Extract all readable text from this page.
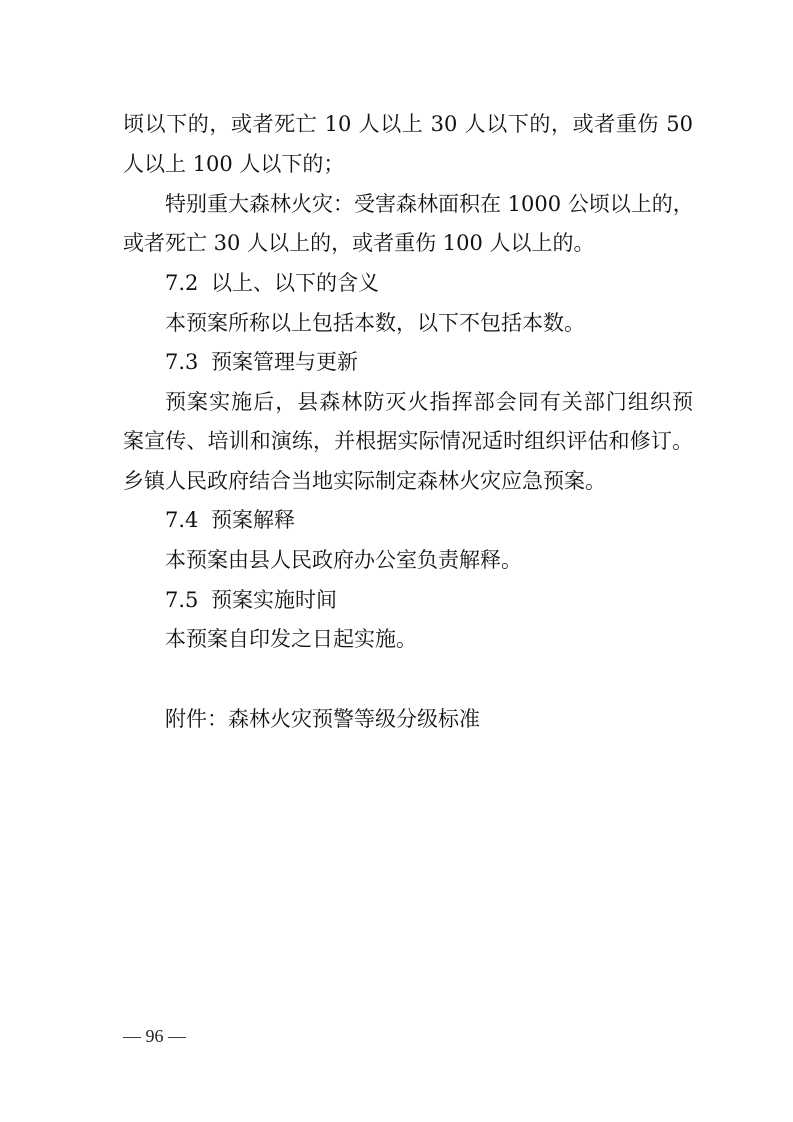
顷以下的，或者死亡 10 人以上 30 人以下的，或者重伤 50
人以上 100 人以下的；
特别重大森林火灾：受害森林面积在 1000 公顷以上的，
或者死亡 30 人以上的，或者重伤 100 人以上的。
7.2 以上、以下的含义
本预案所称以上包括本数，以下不包括本数。
7.3 预案管理与更新
预案实施后，县森林防灭火指挥部会同有关部门组织预
案宣传、培训和演练，并根据实际情况适时组织评估和修订。
乡镇人民政府结合当地实际制定森林火灾应急预案。
7.4 预案解释
本预案由县人民政府办公室负责解释。
7.5 预案实施时间
本预案自印发之日起实施。
附件：森林火灾预警等级分级标准
— 96 —
